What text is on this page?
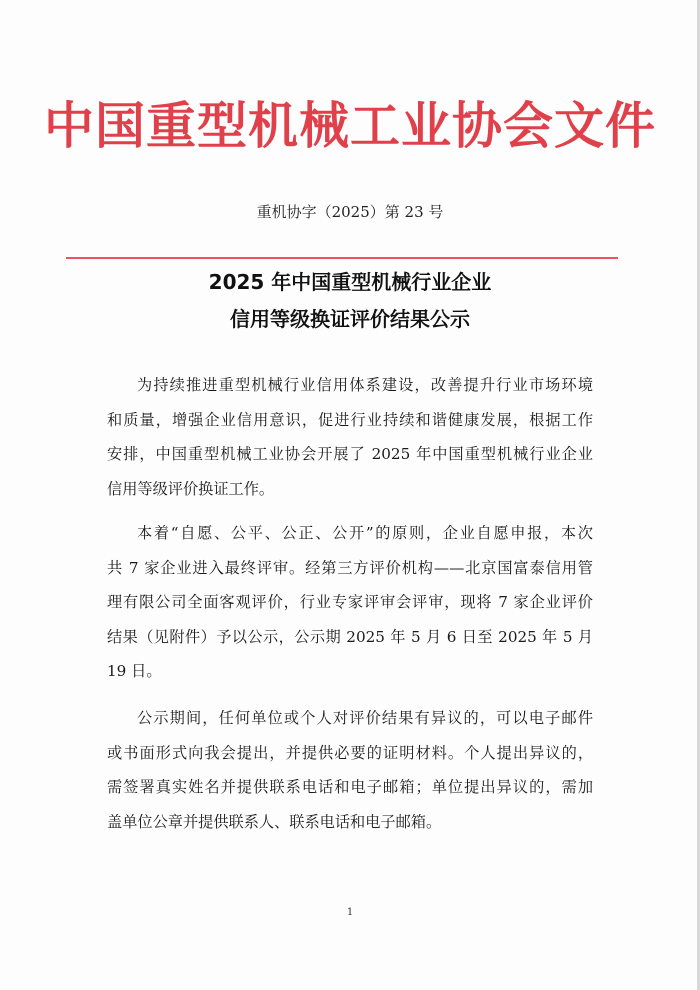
中国重型机械工业协会文件
重机协字（2025）第 23 号
2025 年中国重型机械行业企业
信用等级换证评价结果公示
为持续推进重型机械行业信用体系建设，改善提升行业市场环境
和质量，增强企业信用意识，促进行业持续和谐健康发展，根据工作
安排，中国重型机械工业协会开展了 2025 年中国重型机械行业企业
信用等级评价换证工作。
本着“自愿、公平、公正、公开”的原则，企业自愿申报，本次
共 7 家企业进入最终评审。经第三方评价机构——北京国富泰信用管
理有限公司全面客观评价，行业专家评审会评审，现将 7 家企业评价
结果（见附件）予以公示，公示期 2025 年 5 月 6 日至 2025 年 5 月
19 日。
公示期间，任何单位或个人对评价结果有异议的，可以电子邮件
或书面形式向我会提出，并提供必要的证明材料。个人提出异议的，
需签署真实姓名并提供联系电话和电子邮箱；单位提出异议的，需加
盖单位公章并提供联系人、联系电话和电子邮箱。
1
